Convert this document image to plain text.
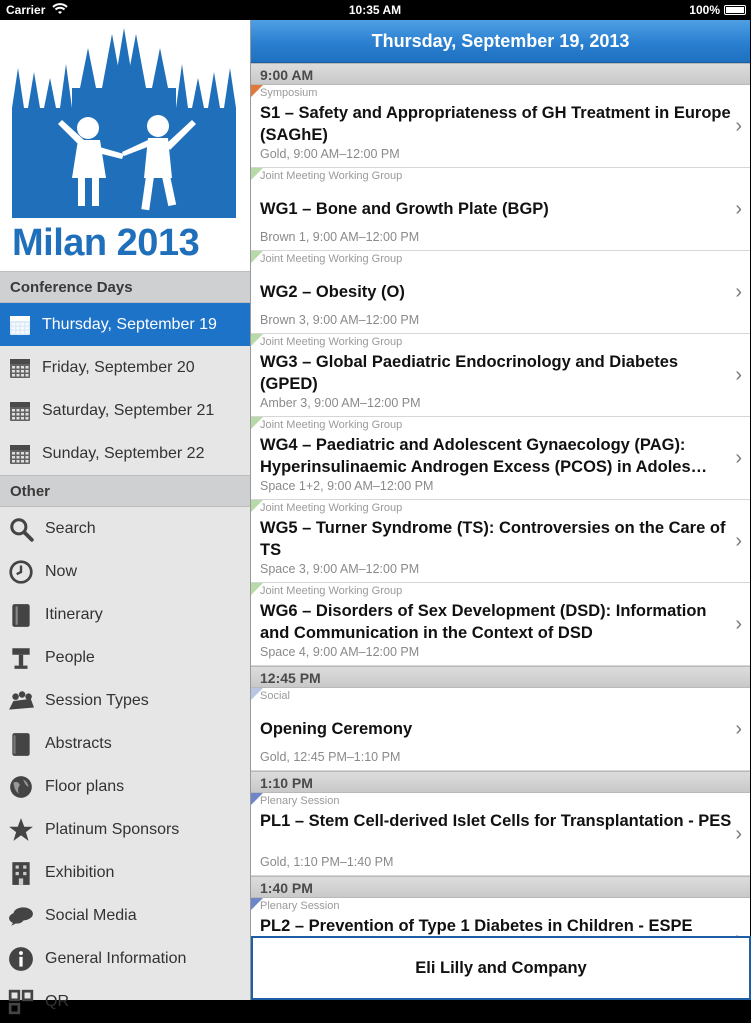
Carrier	10:35 AM	100%
Milan 2013
Conference Days
Thursday, September 19
Friday, September 20
Saturday, September 21
Sunday, September 22
Other
Search
Now
Itinerary
People
Session Types
Abstracts
Floor plans
Platinum Sponsors
Exhibition
Social Media
General Information
QR
Thursday, September 19, 2013
9:00 AM
Symposium
S1 – Safety and Appropriateness of GH Treatment in Europe (SAGhE)
Gold, 9:00 AM–12:00 PM
›
Joint Meeting Working Group
WG1 – Bone and Growth Plate (BGP)
Brown 1, 9:00 AM–12:00 PM
›
Joint Meeting Working Group
WG2 – Obesity (O)
Brown 3, 9:00 AM–12:00 PM
›
Joint Meeting Working Group
WG3 – Global Paediatric Endocrinology and Diabetes (GPED)
Amber 3, 9:00 AM–12:00 PM
›
Joint Meeting Working Group
WG4 – Paediatric and Adolescent Gynaecology (PAG): Hyperinsulinaemic Androgen Excess (PCOS) in Adoles…
Space 1+2, 9:00 AM–12:00 PM
›
Joint Meeting Working Group
WG5 – Turner Syndrome (TS): Controversies on the Care of TS
Space 3, 9:00 AM–12:00 PM
›
Joint Meeting Working Group
WG6 – Disorders of Sex Development (DSD): Information and Communication in the Context of DSD
Space 4, 9:00 AM–12:00 PM
›
12:45 PM
Social
Opening Ceremony
Gold, 12:45 PM–1:10 PM
›
1:10 PM
Plenary Session
PL1 – Stem Cell-derived Islet Cells for Transplantation - PES
Gold, 1:10 PM–1:40 PM
›
1:40 PM
Plenary Session
PL2 – Prevention of Type 1 Diabetes in Children - ESPE
Eli Lilly and Company
